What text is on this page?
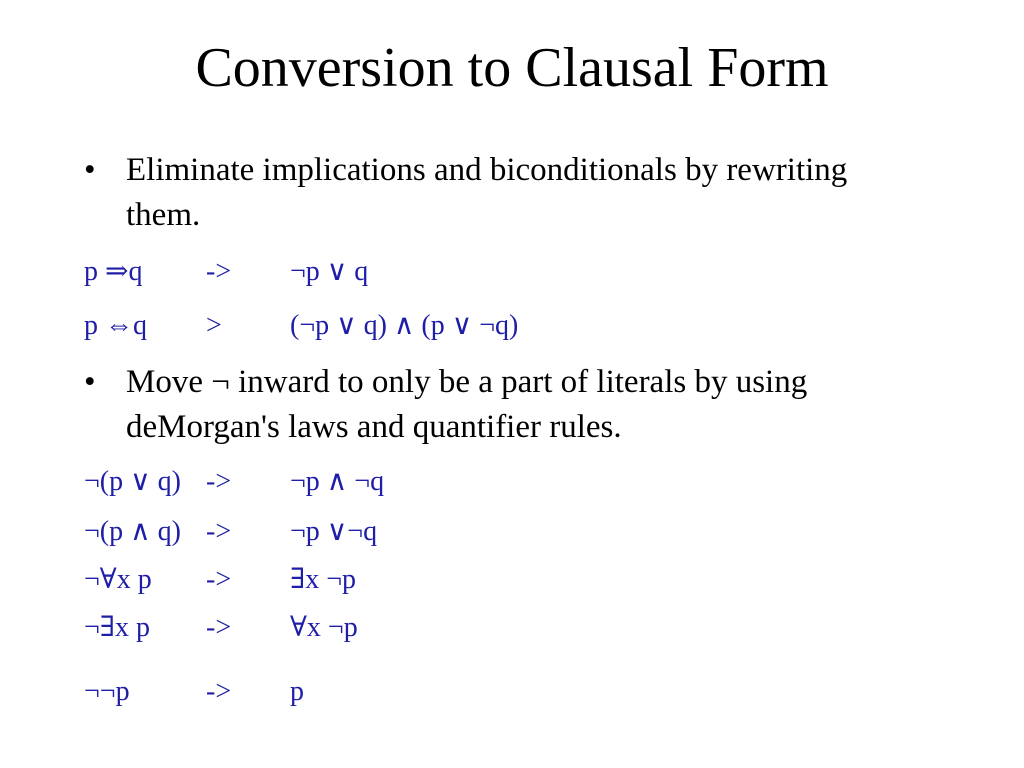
Conversion to Clausal Form
• Eliminate implications and biconditionals by rewriting them.

p ⇒q

->

¬p ∨ q

p ⇔q

>

(¬p ∨ q) ∧ (p ∨ ¬q)

• Move ¬ inward to only be a part of literals by using deMorgan's laws and quantifier rules.

¬(p ∨ q)

->

¬p ∧ ¬q

¬(p ∧ q)

->

¬p ∨¬q

¬∀x p

->

∃x ¬p

¬∃x p

->

∀x ¬p

¬¬p

	->

p
